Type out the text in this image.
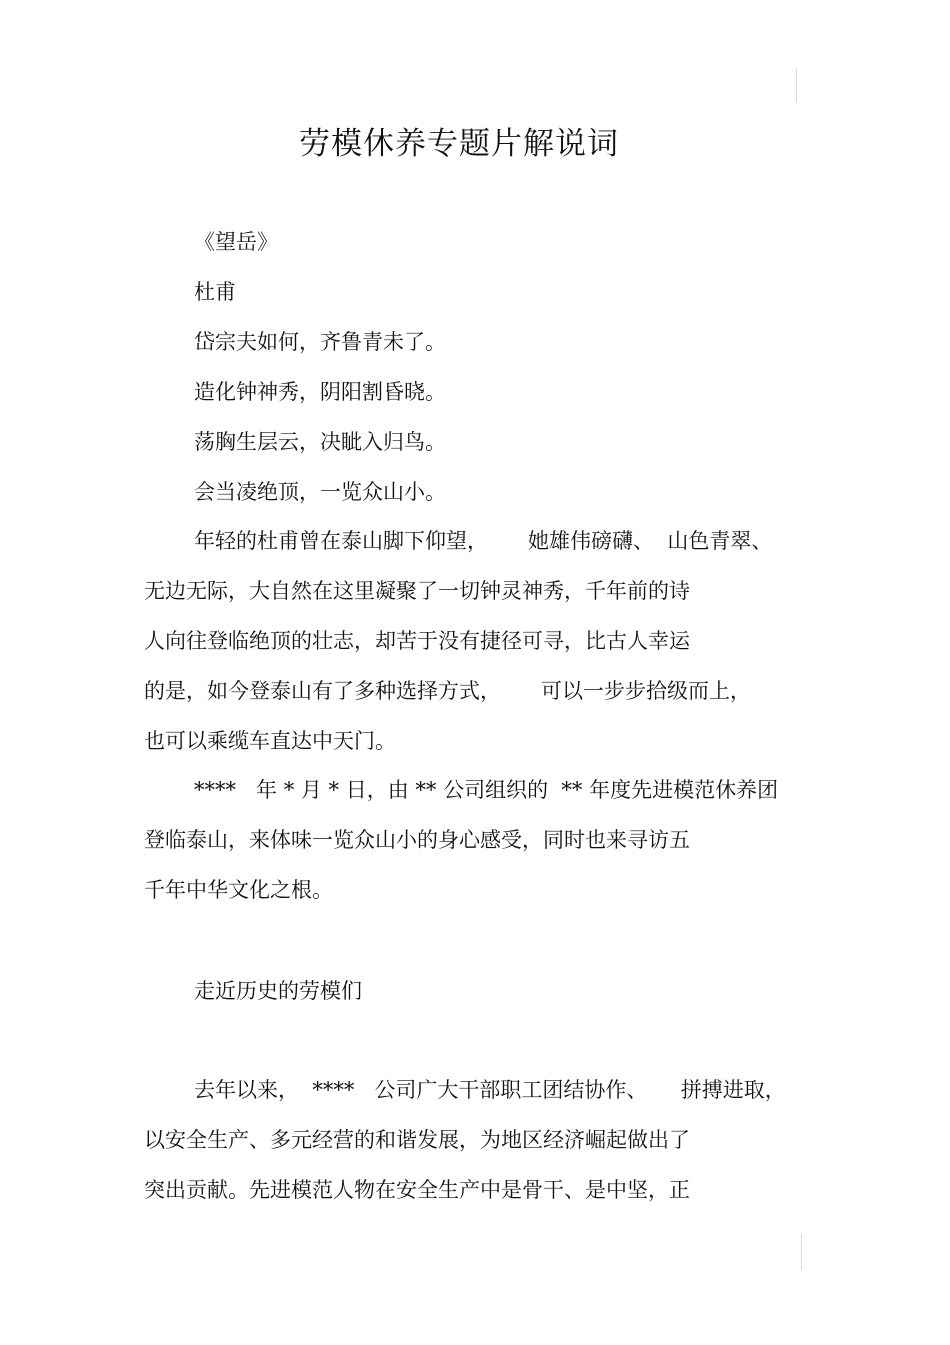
劳模休养专题片解说词
《望岳》
杜甫
岱宗夫如何，齐鲁青未了。
造化钟神秀，阴阳割昏晓。
荡胸生层云，决眦入归鸟。
会当凌绝顶，一览众山小。
年轻的杜甫曾在泰山脚下仰望，      她雄伟磅礴、  山色青翠、
无边无际，大自然在这里凝聚了一切钟灵神秀，千年前的诗
人向往登临绝顶的壮志，却苦于没有捷径可寻，比古人幸运
的是，如今登泰山有了多种选择方式，      可以一步步拾级而上，
也可以乘缆车直达中天门。
****   年 * 月 * 日，由 ** 公司组织的  ** 年度先进模范休养团
登临泰山，来体味一览众山小的身心感受，同时也来寻访五
千年中华文化之根。
走近历史的劳模们
去年以来，  ****   公司广大干部职工团结协作、     拼搏进取，
以安全生产、多元经营的和谐发展，为地区经济崛起做出了
突出贡献。先进模范人物在安全生产中是骨干、是中坚，正
